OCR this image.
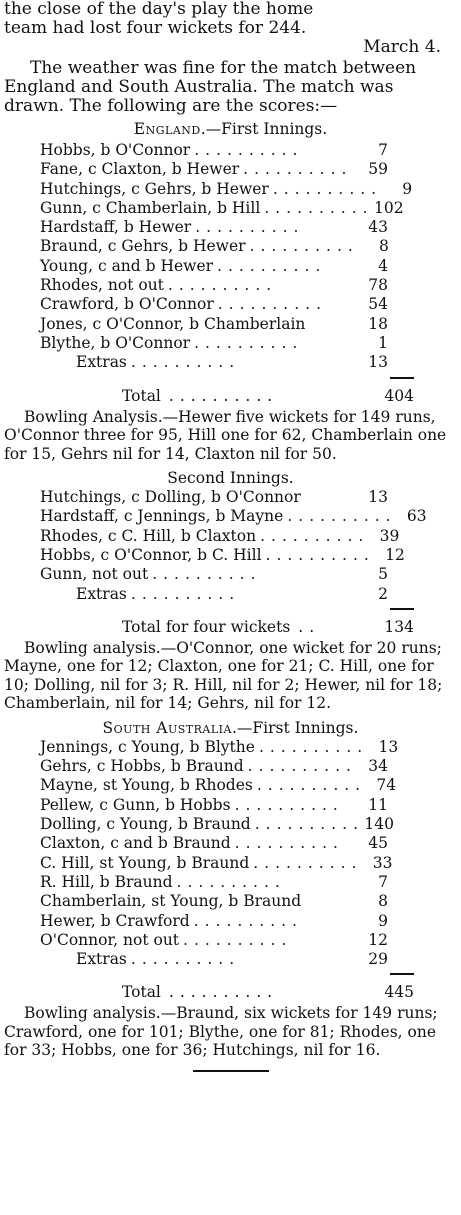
the close of the day's play the home

team had lost four wickets for 244.

March 4.

The weather was fine for the match between England and South Australia. The match was drawn. The following are the scores:—

England.—First Innings.
Hobbs, b O'Connor ..........	7
Fane, c Claxton, b Hewer ..........	59
Hutchings, c Gehrs, b Hewer ..........	9
Gunn, c Chamberlain, b Hill .......... 102
Hardstaff, b Hewer ..........	43
Braund, c Gehrs, b Hewer ..........	8
Young, c and b Hewer ..........	4
Rhodes, not out ..........	78
Crawford, b O'Connor ..........	54
Jones, c O'Connor, b Chamberlain	18
Blythe, b O'Connor ..........	1
Extras ..........	13
Total ..........	404

Bowling Analysis.—Hewer five wickets for 149 runs, O'Connor three for 95, Hill one for 62, Chamberlain one for 15, Gehrs nil for 14, Claxton nil for 50.

Second Innings.
Hutchings, c Dolling, b O'Connor	13
Hardstaff, c Jennings, b Mayne .......... 63
Rhodes, c C. Hill, b Claxton .......... 39
Hobbs, c O'Connor, b C. Hill .......... 12
Gunn, not out ..........	5
Extras ..........	2
Total for four wickets ..	134

Bowling analysis.—O'Connor, one wicket for 20 runs; Mayne, one for 12; Claxton, one for 21; C. Hill, one for 10; Dolling, nil for 3; R. Hill, nil for 2; Hewer, nil for 18; Chamberlain, nil for 14; Gehrs, nil for 12.

South Australia.—First Innings.
Jennings, c Young, b Blythe .......... 13
Gehrs, c Hobbs, b Braund .......... 34
Mayne, st Young, b Rhodes .......... 74
Pellew, c Gunn, b Hobbs ..........	11
Dolling, c Young, b Braund .......... 140
Claxton, c and b Braund ..........	45
C. Hill, st Young, b Braund .......... 33
R. Hill, b Braund ..........	7
Chamberlain, st Young, b Braund	8
Hewer, b Crawford ..........	9
O'Connor, not out ..........	12
Extras ..........	29
Total ..........	445

Bowling analysis.—Braund, six wickets for 149 runs; Crawford, one for 101; Blythe, one for 81; Rhodes, one for 33; Hobbs, one for 36; Hutchings, nil for 16.
